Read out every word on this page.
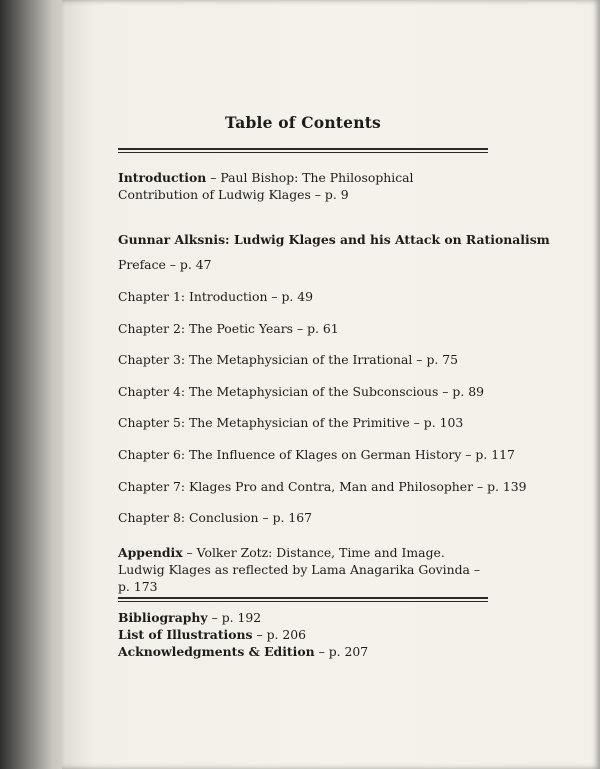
Table of Contents
Introduction – Paul Bishop: The Philosophical Contribution of Ludwig Klages – p. 9
Gunnar Alksnis: Ludwig Klages and his Attack on Rationalism
Preface – p. 47
Chapter 1: Introduction – p. 49
Chapter 2: The Poetic Years – p. 61
Chapter 3: The Metaphysician of the Irrational – p. 75
Chapter 4: The Metaphysician of the Subconscious – p. 89
Chapter 5: The Metaphysician of the Primitive – p. 103
Chapter 6: The Influence of Klages on German History – p. 117
Chapter 7: Klages Pro and Contra, Man and Philosopher – p. 139
Chapter 8: Conclusion – p. 167
Appendix – Volker Zotz: Distance, Time and Image. Ludwig Klages as reflected by Lama Anagarika Govinda – p. 173
Bibliography – p. 192
List of Illustrations – p. 206
Acknowledgments & Edition – p. 207
